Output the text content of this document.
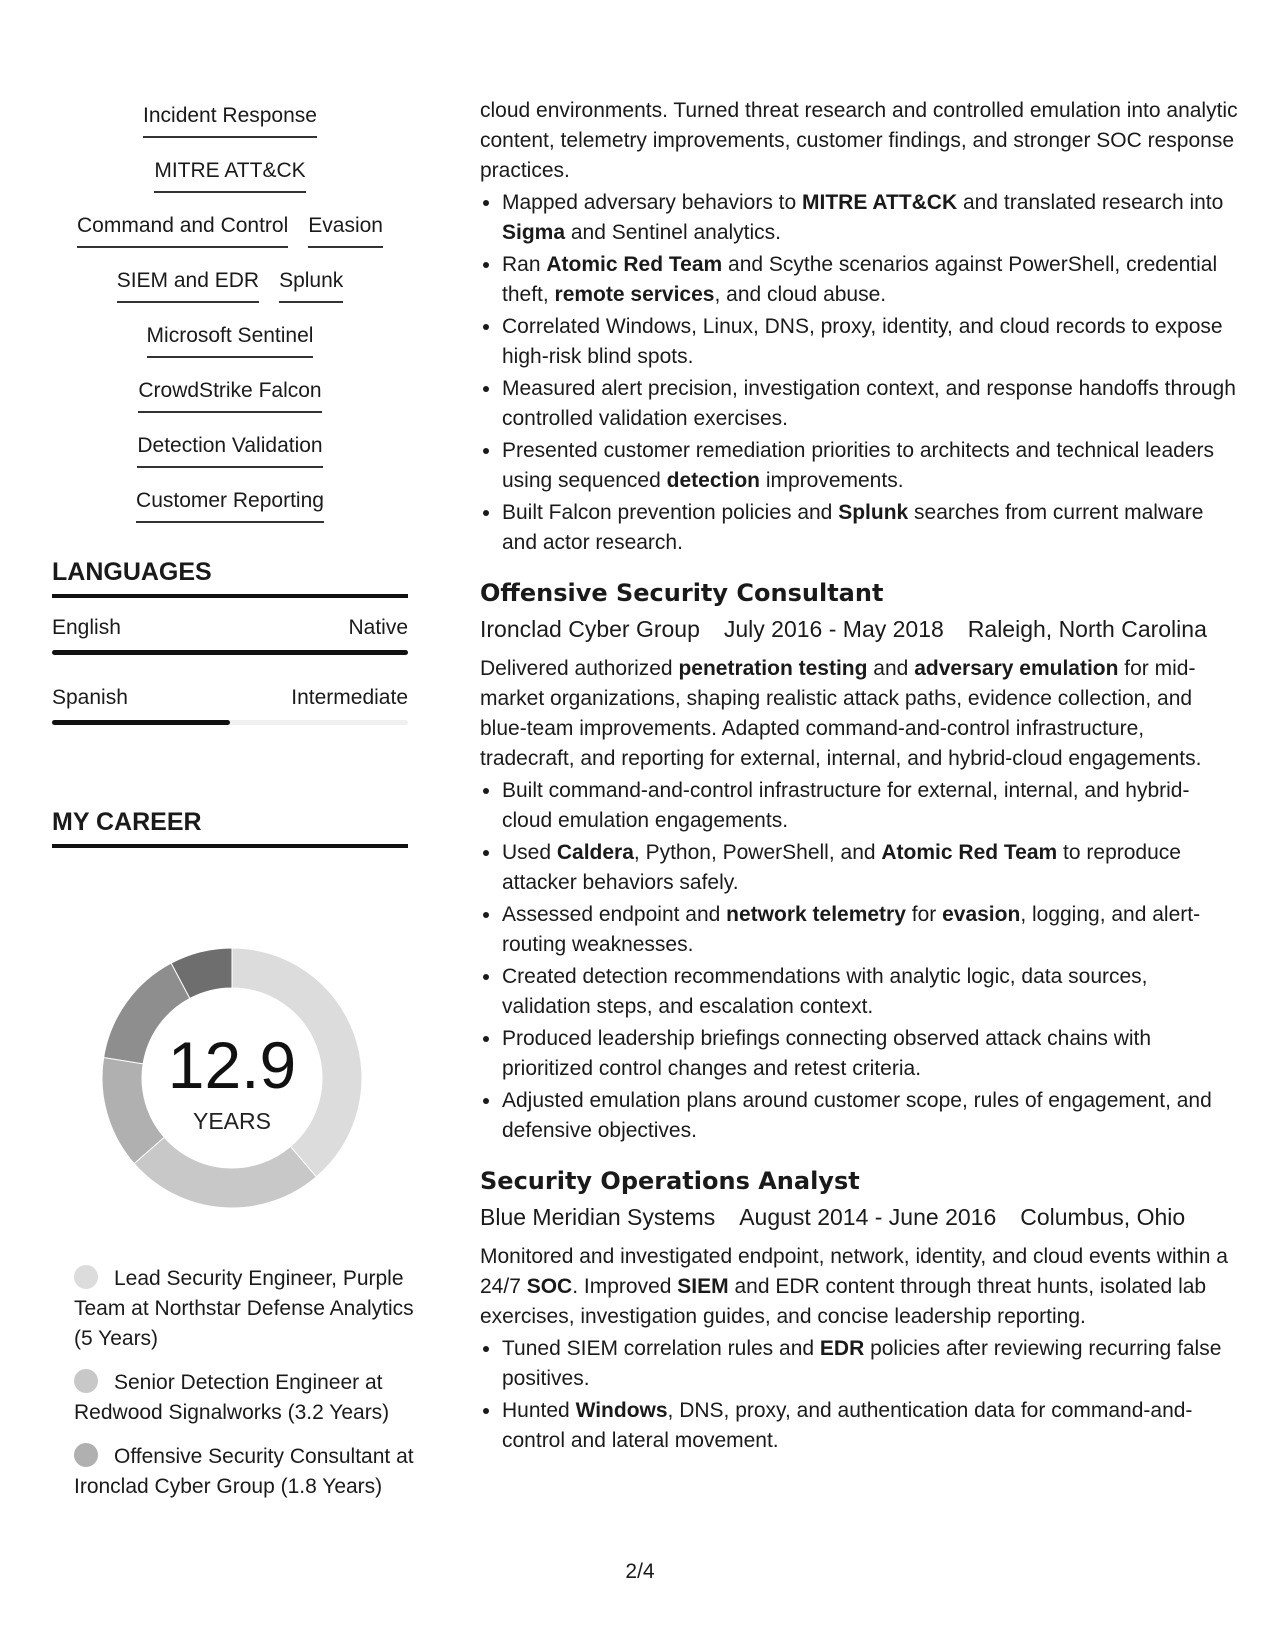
Incident Response
MITRE ATT&CK
Command and Control Evasion
SIEM and EDR Splunk
Microsoft Sentinel
CrowdStrike Falcon
Detection Validation
Customer Reporting
LANGUAGES
English	Native
Spanish	Intermediate
MY CAREER
12.9
YEARS
Lead Security Engineer, Purple Team at Northstar Defense Analytics (5 Years)
Senior Detection Engineer at Redwood Signalworks (3.2 Years)
Offensive Security Consultant at Ironclad Cyber Group (1.8 Years)

cloud environments. Turned threat research and controlled emulation into analytic content, telemetry improvements, customer findings, and stronger SOC response practices.

• Mapped adversary behaviors to MITRE ATT&CK and translated research into Sigma and Sentinel analytics.
• Ran Atomic Red Team and Scythe scenarios against PowerShell, credential theft, remote services, and cloud abuse.
• Correlated Windows, Linux, DNS, proxy, identity, and cloud records to expose high-risk blind spots.
• Measured alert precision, investigation context, and response handoffs through controlled validation exercises.
• Presented customer remediation priorities to architects and technical leaders using sequenced detection improvements.
• Built Falcon prevention policies and Splunk searches from current malware and actor research.
Offensive Security Consultant
Ironclad Cyber Group July 2016 - May 2018 Raleigh, North Carolina

Delivered authorized penetration testing and adversary emulation for mid-market organizations, shaping realistic attack paths, evidence collection, and blue-team improvements. Adapted command-and-control infrastructure, tradecraft, and reporting for external, internal, and hybrid-cloud engagements.

• Built command-and-control infrastructure for external, internal, and hybrid-cloud emulation engagements.
• Used Caldera, Python, PowerShell, and Atomic Red Team to reproduce attacker behaviors safely.
• Assessed endpoint and network telemetry for evasion, logging, and alert-routing weaknesses.
• Created detection recommendations with analytic logic, data sources, validation steps, and escalation context.
• Produced leadership briefings connecting observed attack chains with prioritized control changes and retest criteria.
• Adjusted emulation plans around customer scope, rules of engagement, and defensive objectives.
Security Operations Analyst
Blue Meridian Systems August 2014 - June 2016 Columbus, Ohio

Monitored and investigated endpoint, network, identity, and cloud events within a 24/7 SOC. Improved SIEM and EDR content through threat hunts, isolated lab exercises, investigation guides, and concise leadership reporting.

• Tuned SIEM correlation rules and EDR policies after reviewing recurring false positives.
• Hunted Windows, DNS, proxy, and authentication data for command-and-control and lateral movement.
2/4
